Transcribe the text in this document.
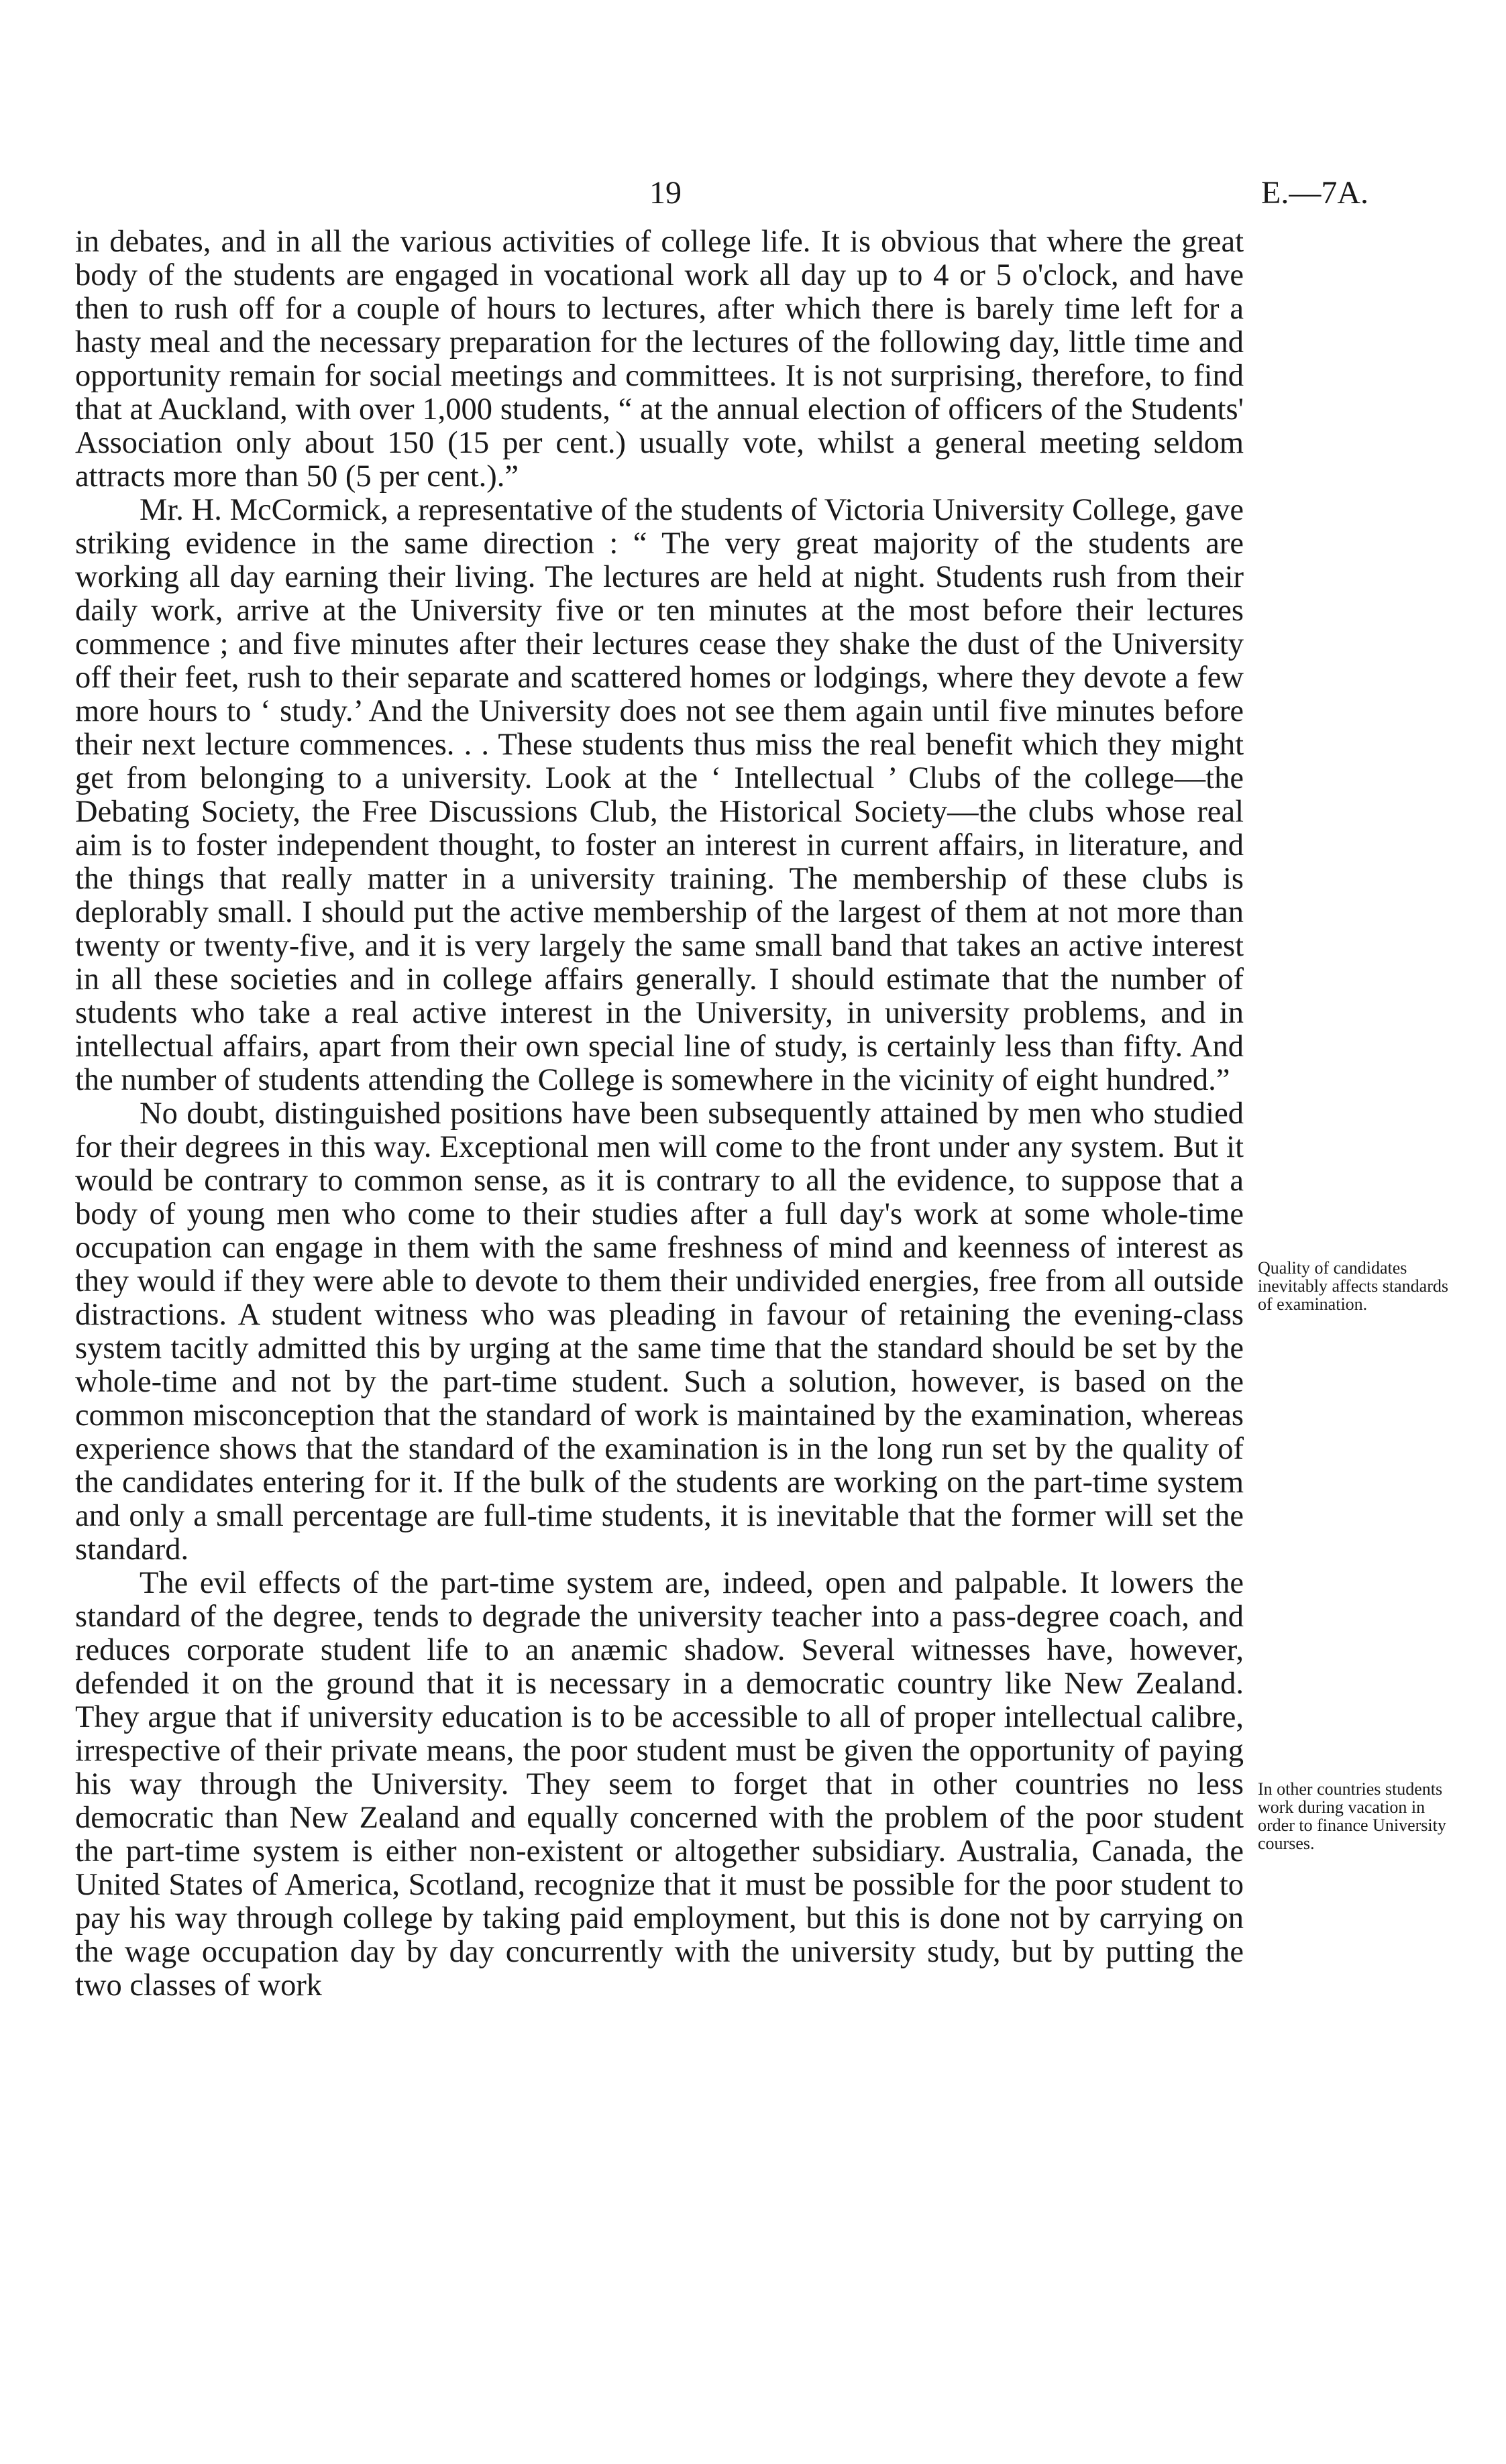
19	E.—7A.

in debates, and in all the various activities of college life. It is obvious that where the great body of the students are engaged in vocational work all day up to 4 or 5 o'clock, and have then to rush off for a couple of hours to lectures, after which there is barely time left for a hasty meal and the necessary preparation for the lectures of the following day, little time and opportunity remain for social meetings and committees. It is not surprising, therefore, to find that at Auckland, with over 1,000 students, “ at the annual election of officers of the Students' Association only about 150 (15 per cent.) usually vote, whilst a general meeting seldom attracts more than 50 (5 per cent.).”

Mr. H. McCormick, a representative of the students of Victoria University College, gave striking evidence in the same direction : “ The very great majority of the students are working all day earning their living. The lectures are held at night. Students rush from their daily work, arrive at the University five or ten minutes at the most before their lectures commence ; and five minutes after their lectures cease they shake the dust of the University off their feet, rush to their separate and scattered homes or lodgings, where they devote a few more hours to ‘ study.’ And the University does not see them again until five minutes before their next lecture commences. . . These students thus miss the real benefit which they might get from belonging to a university. Look at the ‘ Intellectual ’ Clubs of the college—the Debating Society, the Free Discussions Club, the Historical Society—the clubs whose real aim is to foster independent thought, to foster an interest in current affairs, in literature, and the things that really matter in a university training. The membership of these clubs is deplorably small. I should put the active membership of the largest of them at not more than twenty or twenty-five, and it is very largely the same small band that takes an active interest in all these societies and in college affairs generally. I should estimate that the number of students who take a real active interest in the University, in university problems, and in intellectual affairs, apart from their own special line of study, is certainly less than fifty. And the number of students attending the College is somewhere in the vicinity of eight hundred.”

No doubt, distinguished positions have been subsequently attained by men who studied for their degrees in this way. Exceptional men will come to the front under any system. But it would be contrary to common sense, as it is contrary to all the evidence, to suppose that a body of young men who come to their studies after a full day's work at some whole-time occupation can engage in them with the same freshness of mind and keenness of interest as they would if they were able to devote to them their undivided energies, free from all outside distractions. A student witness who was pleading in favour of retaining the evening-class system tacitly admitted this by urging at the same time that the standard should be set by the whole-time and not by the part-time student. Such a solution, however, is based on the common misconception that the standard of work is maintained by the examination, whereas experience shows that the standard of the examination is in the long run set by the quality of the candidates entering for it. If the bulk of the students are working on the part-time system and only a small percentage are full-time students, it is inevitable that the former will set the standard.

The evil effects of the part-time system are, indeed, open and palpable. It lowers the standard of the degree, tends to degrade the university teacher into a pass-degree coach, and reduces corporate student life to an anæmic shadow. Several witnesses have, however, defended it on the ground that it is necessary in a democratic country like New Zealand. They argue that if university education is to be accessible to all of proper intellectual calibre, irrespective of their private means, the poor student must be given the opportunity of paying his way through the University. They seem to forget that in other countries no less democratic than New Zealand and equally concerned with the problem of the poor student the part-time system is either non-existent or altogether subsidiary. Australia, Canada, the United States of America, Scotland, recognize that it must be possible for the poor student to pay his way through college by taking paid employment, but this is done not by carrying on the wage occupation day by day concurrently with the university study, but by putting the two classes of work

Quality of candidates inevitably affects standards of examination.
In other countries students work during vacation in order to finance University courses.
